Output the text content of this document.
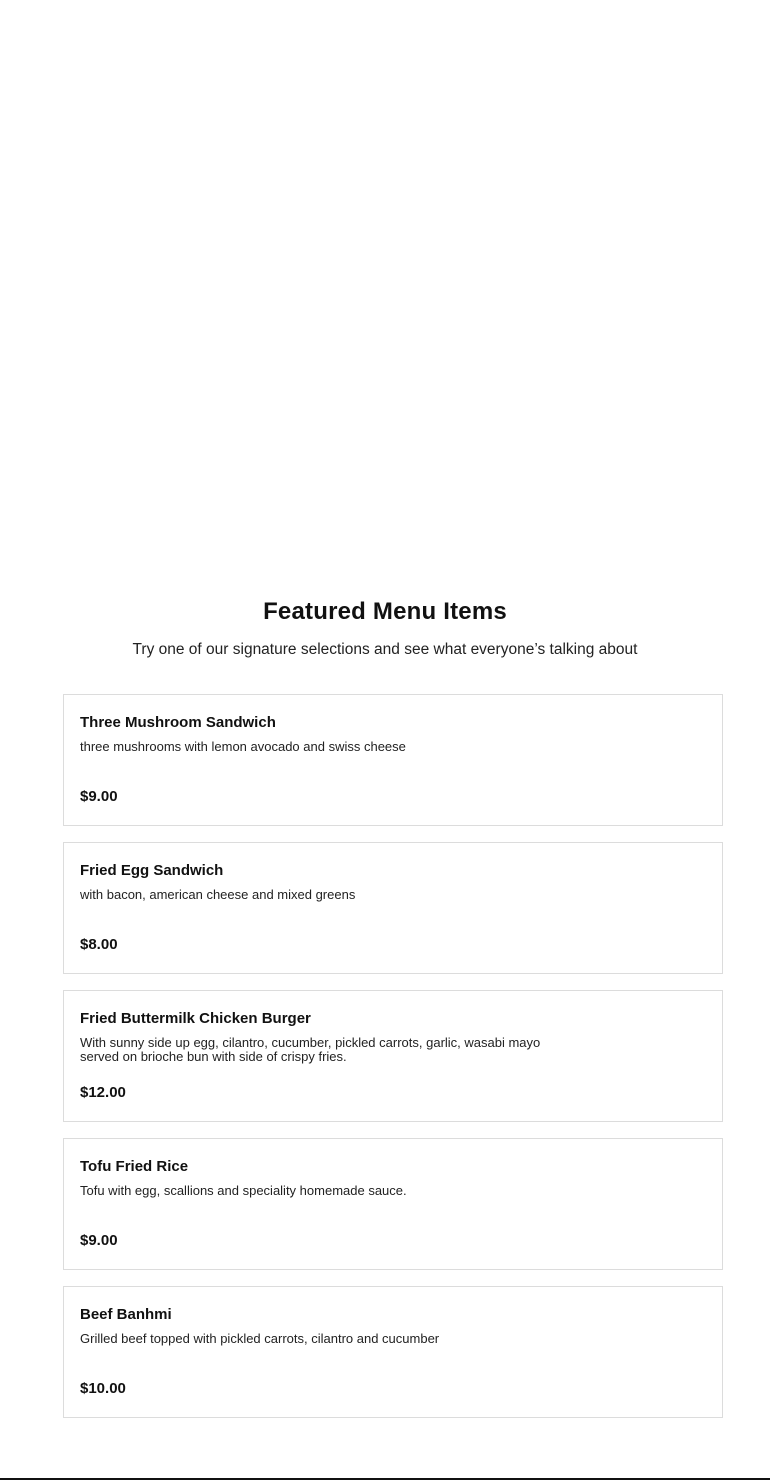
Featured Menu Items

Try one of our signature selections and see what everyone’s talking about

Three Mushroom Sandwich
three mushrooms with lemon avocado and swiss cheese
$9.00
Fried Egg Sandwich
with bacon, american cheese and mixed greens
$8.00
Fried Buttermilk Chicken Burger
With sunny side up egg, cilantro, cucumber, pickled carrots, garlic, wasabi mayo served on brioche bun with side of crispy fries.
$12.00
Tofu Fried Rice
Tofu with egg, scallions and speciality homemade sauce.
$9.00
Beef Banhmi
Grilled beef topped with pickled carrots, cilantro and cucumber
$10.00
